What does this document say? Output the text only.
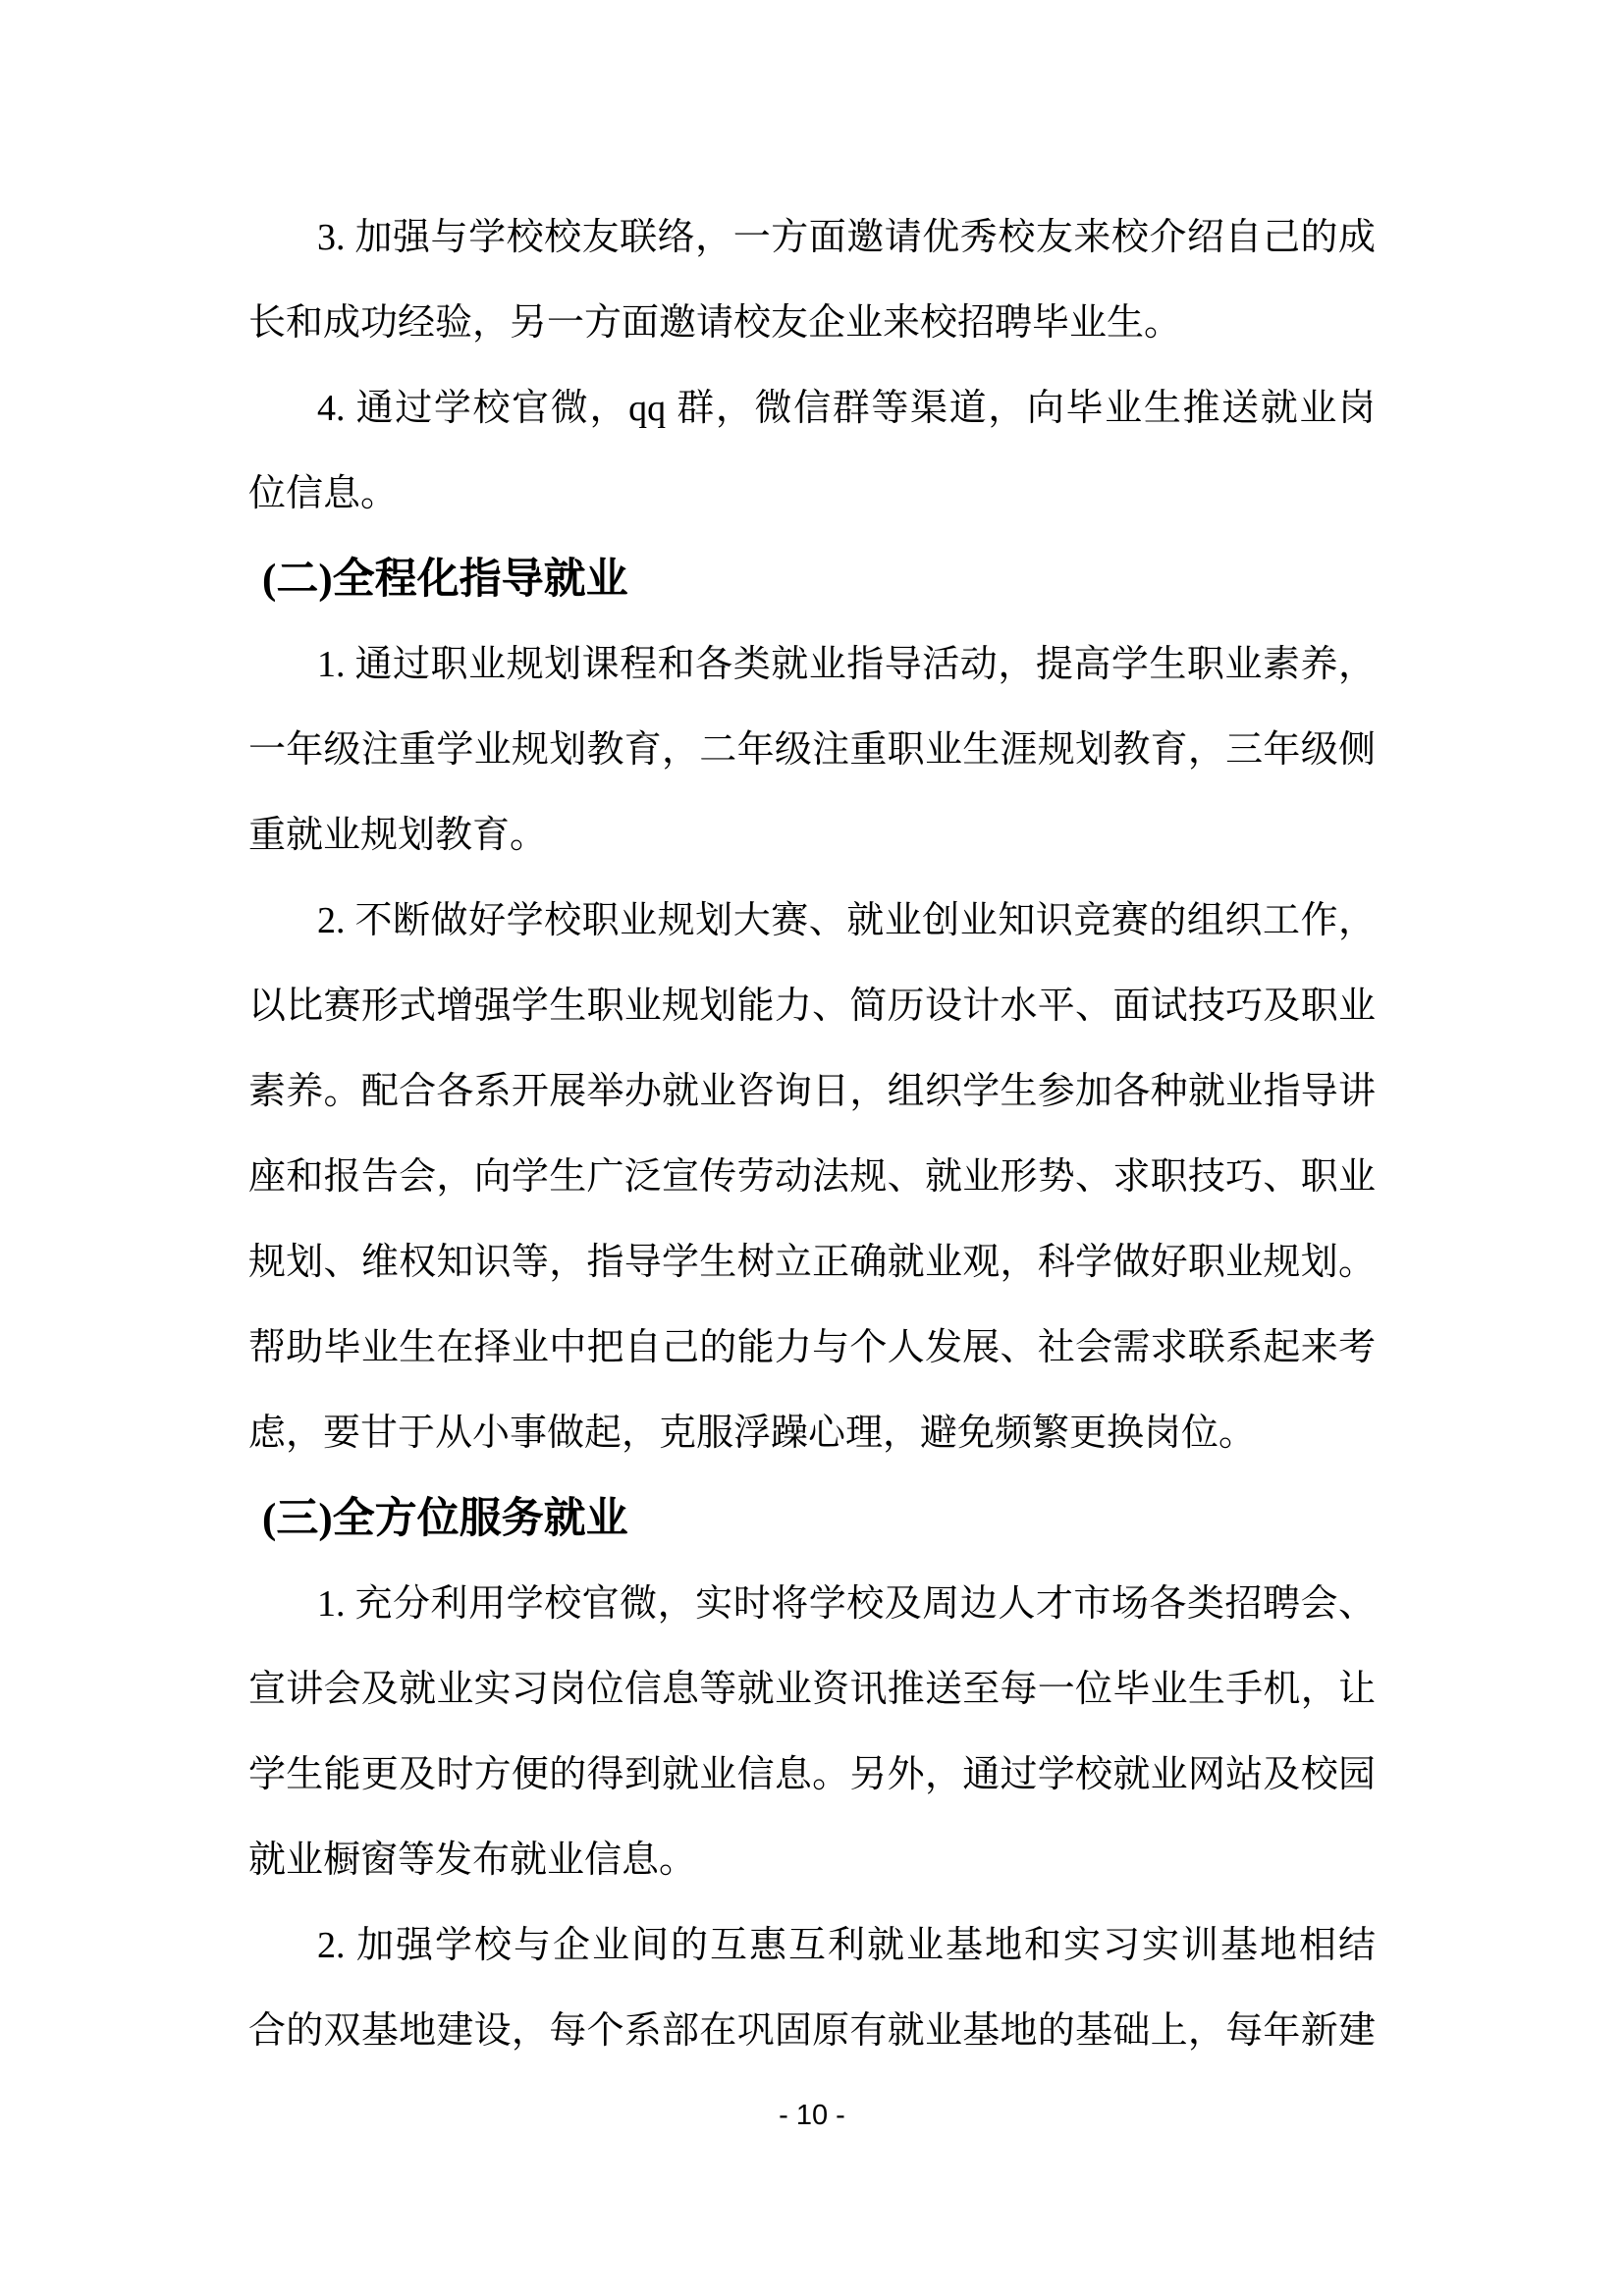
3. 加强与学校校友联络，一方面邀请优秀校友来校介绍自己的成
长和成功经验，另一方面邀请校友企业来校招聘毕业生。
4. 通过学校官微，qq 群，微信群等渠道，向毕业生推送就业岗
位信息。
(二)全程化指导就业
1. 通过职业规划课程和各类就业指导活动，提高学生职业素养，
一年级注重学业规划教育，二年级注重职业生涯规划教育，三年级侧
重就业规划教育。
2. 不断做好学校职业规划大赛、就业创业知识竞赛的组织工作，
以比赛形式增强学生职业规划能力、简历设计水平、面试技巧及职业
素养。配合各系开展举办就业咨询日，组织学生参加各种就业指导讲
座和报告会，向学生广泛宣传劳动法规、就业形势、求职技巧、职业
规划、维权知识等，指导学生树立正确就业观，科学做好职业规划。
帮助毕业生在择业中把自己的能力与个人发展、社会需求联系起来考
虑，要甘于从小事做起，克服浮躁心理，避免频繁更换岗位。
(三)全方位服务就业
1. 充分利用学校官微，实时将学校及周边人才市场各类招聘会、
宣讲会及就业实习岗位信息等就业资讯推送至每一位毕业生手机，让
学生能更及时方便的得到就业信息。另外，通过学校就业网站及校园
就业橱窗等发布就业信息。
2. 加强学校与企业间的互惠互利就业基地和实习实训基地相结
合的双基地建设，每个系部在巩固原有就业基地的基础上，每年新建
- 10 -
